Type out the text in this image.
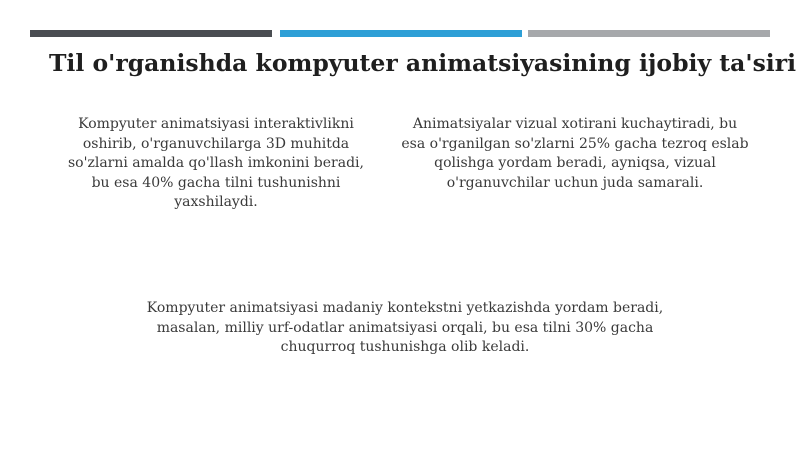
Til o'rganishda kompyuter animatsiyasining ijobiy ta'siri
Kompyuter animatsiyasi interaktivlikni oshirib, o'rganuvchilarga 3D muhitda so'zlarni amalda qo'llash imkonini beradi, bu esa 40% gacha tilni tushunishni yaxshilaydi.
Animatsiyalar vizual xotirani kuchaytiradi, bu esa o'rganilgan so'zlarni 25% gacha tezroq eslab qolishga yordam beradi, ayniqsa, vizual o'rganuvchilar uchun juda samarali.
Kompyuter animatsiyasi madaniy kontekstni yetkazishda yordam beradi, masalan, milliy urf-odatlar animatsiyasi orqali, bu esa tilni 30% gacha chuqurroq tushunishga olib keladi.
